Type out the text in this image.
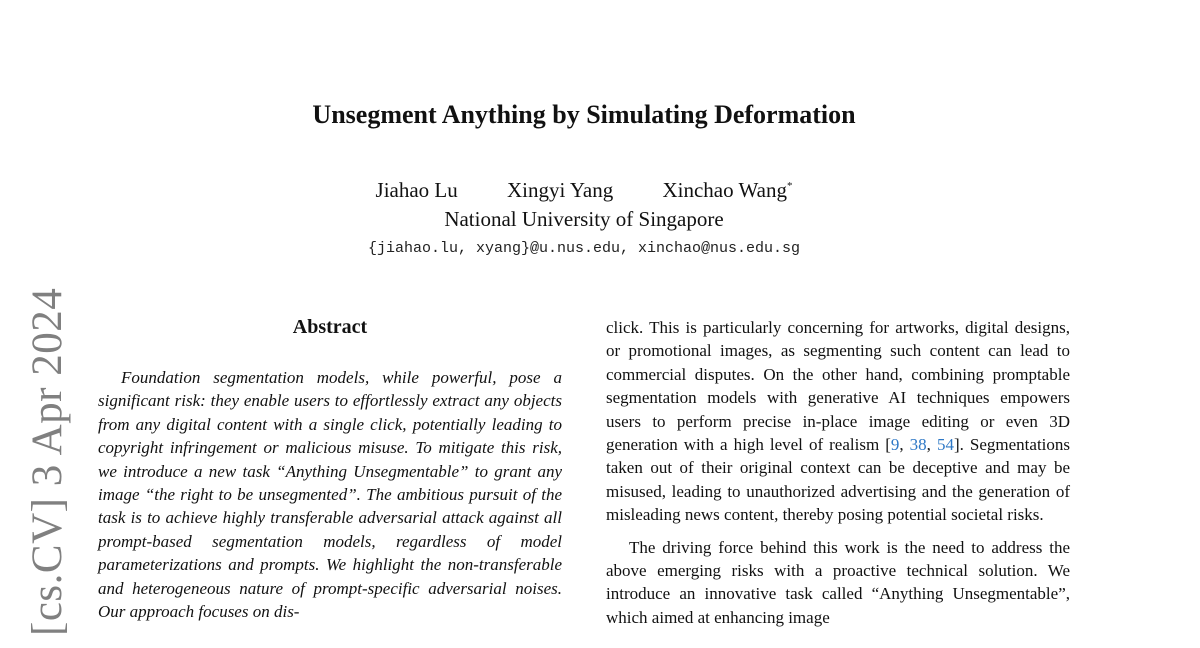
[cs.CV] 3 Apr 2024
Unsegment Anything by Simulating Deformation
Jiahao Lu Xingyi Yang Xinchao Wang*
National University of Singapore
{jiahao.lu, xyang}@u.nus.edu, xinchao@nus.edu.sg
Abstract

Foundation segmentation models, while powerful, pose a significant risk: they enable users to effortlessly extract any objects from any digital content with a single click, potentially leading to copyright infringement or malicious misuse. To mitigate this risk, we introduce a new task “Anything Unsegmentable” to grant any image “the right to be unsegmented”. The ambitious pursuit of the task is to achieve highly transferable adversarial attack against all prompt-based segmentation models, regardless of model parameterizations and prompts. We highlight the non-transferable and heterogeneous nature of prompt-specific adversarial noises. Our approach focuses on dis-

click. This is particularly concerning for artworks, digital designs, or promotional images, as segmenting such content can lead to commercial disputes. On the other hand, combining promptable segmentation models with generative AI techniques empowers users to perform precise in-place image editing or even 3D generation with a high level of realism [9, 38, 54]. Segmentations taken out of their original context can be deceptive and may be misused, leading to unauthorized advertising and the generation of misleading news content, thereby posing potential societal risks.

The driving force behind this work is the need to address the above emerging risks with a proactive technical solution. We introduce an innovative task called “Anything Unsegmentable”, which aimed at enhancing image
